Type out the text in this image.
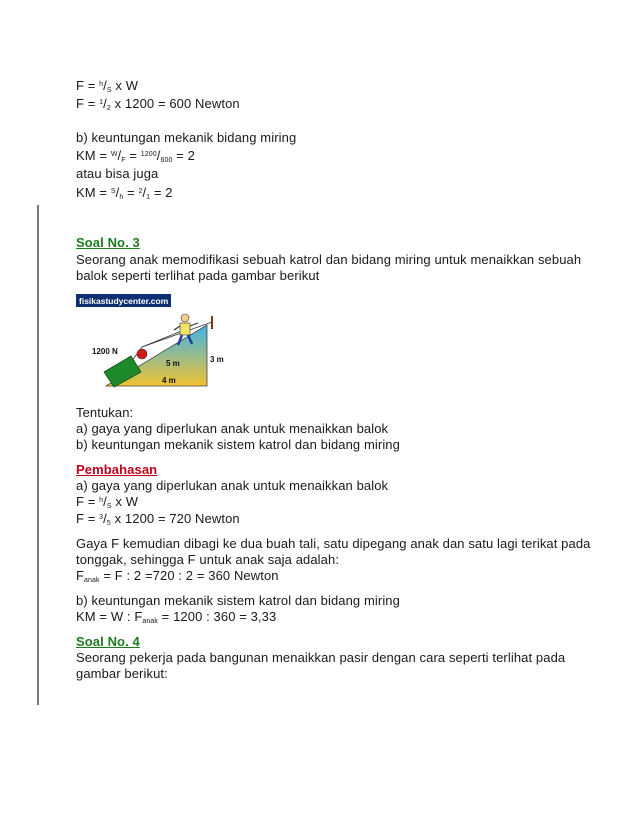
F = $^h$/S x W
F = $^1$/2 x 1200 = 600 Newton
b) keuntungan mekanik bidang miring
KM = $^W$/F = $^{1200}$/600 = 2
atau bisa juga
KM = $^S$/h = $^2$/1 = 2
Soal No. 3
Seorang anak memodifikasi sebuah katrol dan bidang miring untuk menaikkan sebuah
balok seperti terlihat pada gambar berikut
fisikastudycenter.com
1200 N
5 m	3 m
4 m
Tentukan:
a) gaya yang diperlukan anak untuk menaikkan balok
b) keuntungan mekanik sistem katrol dan bidang miring
Pembahasan
a) gaya yang diperlukan anak untuk menaikkan balok
F = $^h$/S x W
F = $^3$/5 x 1200 = 720 Newton
Gaya F kemudian dibagi ke dua buah tali, satu dipegang anak dan satu lagi terikat pada
tonggak, sehingga F untuk anak saja adalah:
Fanak = F : 2 =720 : 2 = 360 Newton
b) keuntungan mekanik sistem katrol dan bidang miring
KM = W : Fanak = 1200 : 360 = 3,33
Soal No. 4
Seorang pekerja pada bangunan menaikkan pasir dengan cara seperti terlihat pada
gambar berikut:
